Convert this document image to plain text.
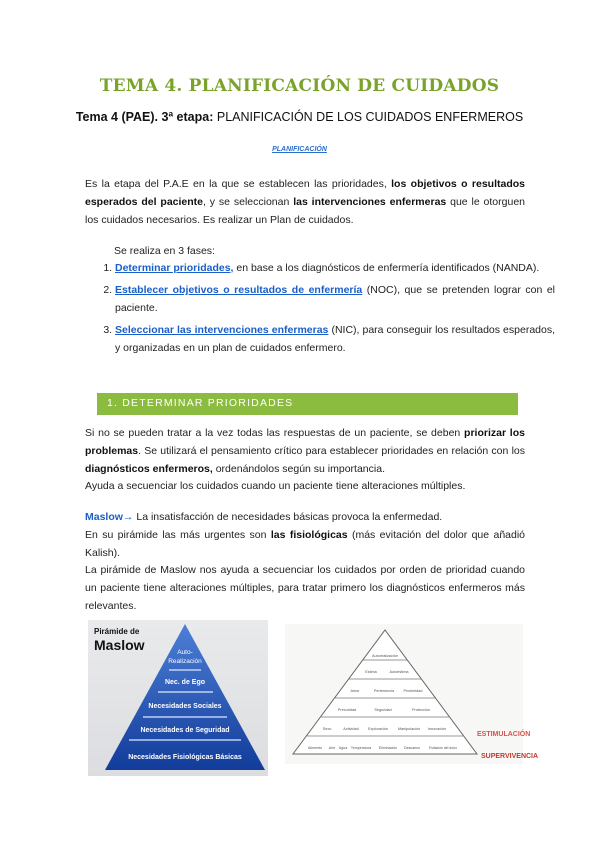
TEMA 4. PLANIFICACIÓN DE CUIDADOS
Tema 4 (PAE). 3ª etapa: PLANIFICACIÓN DE LOS CUIDADOS ENFERMEROS
PLANIFICACIÓN
Es la etapa del P.A.E en la que se establecen las prioridades, los objetivos o resultados esperados del paciente, y se seleccionan las intervenciones enfermeras que le otorguen los cuidados necesarios. Es realizar un Plan de cuidados.
Se realiza en 3 fases:
1. Determinar prioridades, en base a los diagnósticos de enfermería identificados (NANDA).
2. Establecer objetivos o resultados de enfermería (NOC), que se pretenden lograr con el paciente.
3. Seleccionar las intervenciones enfermeras (NIC), para conseguir los resultados esperados, y organizadas en un plan de cuidados enfermero.
1. DETERMINAR PRIORIDADES
Si no se pueden tratar a la vez todas las respuestas de un paciente, se deben priorizar los problemas. Se utilizará el pensamiento crítico para establecer prioridades en relación con los diagnósticos enfermeros, ordenándolos según su importancia.
Ayuda a secuenciar los cuidados cuando un paciente tiene alteraciones múltiples.
Maslow→ La insatisfacción de necesidades básicas provoca la enfermedad.
En su pirámide las más urgentes son las fisiológicas (más evitación del dolor que añadió Kalish).
La pirámide de Maslow nos ayuda a secuenciar los cuidados por orden de prioridad cuando un paciente tiene alteraciones múltiples, para tratar primero los diagnósticos enfermeros más relevantes.
Pirámide de
Maslow	Auto-
Realización
Nec. de Ego
Necesidades Sociales
Necesidades de Seguridad
Necesidades Fisiológicas Básicas
Autorealización
Estima	Autoestima
Amor	Pertenencia Proximidad
Precuridad	Seguridad	Protección
Sexo	Actividad Exploración	Manipulación Innovación
Alimento Aire Agua Temperatura Eliminación Descanso	Evitación del dolor
ESTIMULACIÓN
SUPERVIVENCIA
